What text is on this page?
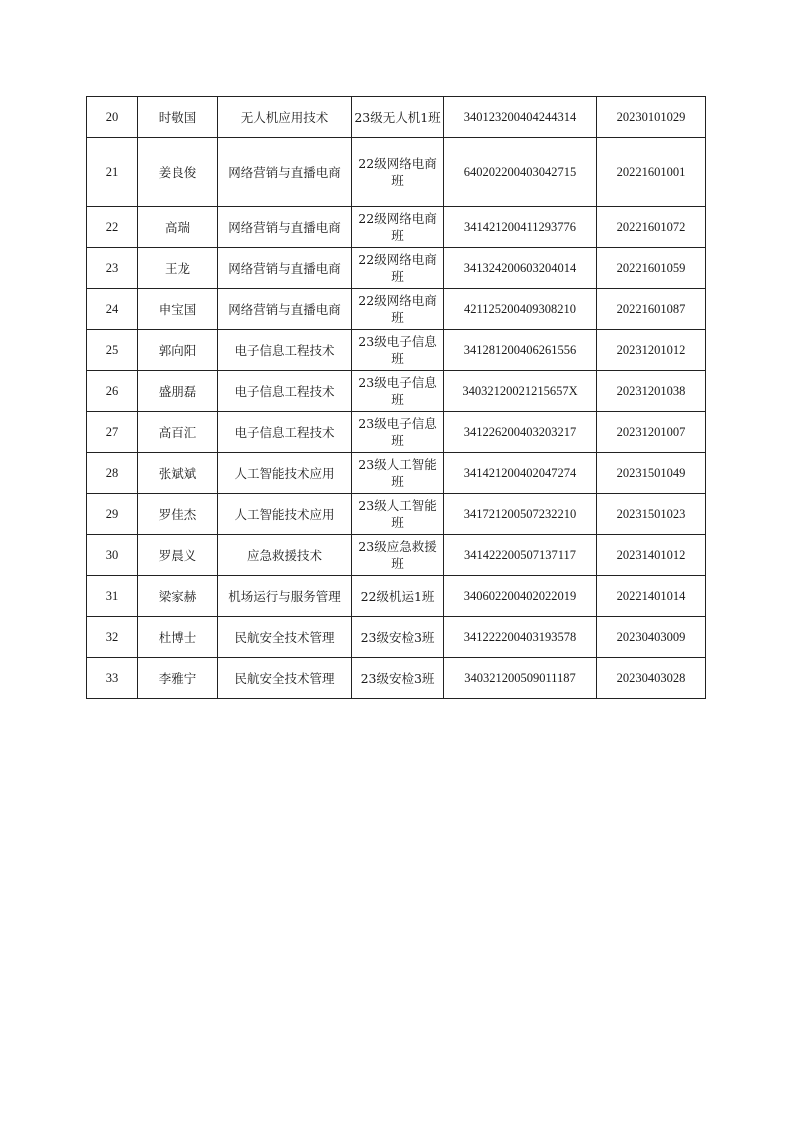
20	时敬国	无人机应用技术	23级无人机1班	340123200404244314	20230101029
21	姜良俊	网络营销与直播电商	22级网络电商班	640202200403042715	20221601001
22	高瑞	网络营销与直播电商	22级网络电商班	341421200411293776	20221601072
23	王龙	网络营销与直播电商	22级网络电商班	341324200603204014	20221601059
24	申宝国	网络营销与直播电商	22级网络电商班	421125200409308210	20221601087
25	郭向阳	电子信息工程技术	23级电子信息班	341281200406261556	20231201012
26	盛朋磊	电子信息工程技术	23级电子信息班	34032120021215657X	20231201038
27	高百汇	电子信息工程技术	23级电子信息班	341226200403203217	20231201007
28	张斌斌	人工智能技术应用	23级人工智能班	341421200402047274	20231501049
29	罗佳杰	人工智能技术应用	23级人工智能班	341721200507232210	20231501023
30	罗晨义	应急救援技术	23级应急救援班	341422200507137117	20231401012
31	梁家赫	机场运行与服务管理	22级机运1班	340602200402022019	20221401014
32	杜博士	民航安全技术管理	23级安检3班	341222200403193578	20230403009
33	李雅宁	民航安全技术管理	23级安检3班	340321200509011187	20230403028
